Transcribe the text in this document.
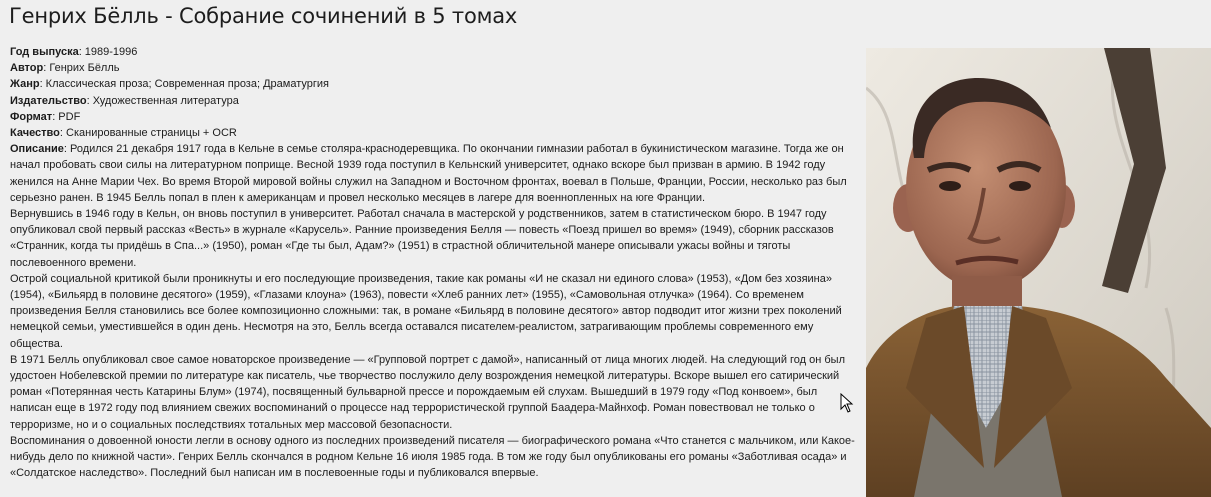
Генрих Бёлль - Собрание сочинений в 5 томах
Год выпуска: 1989-1996
Автор: Генрих Бёлль
Жанр: Классическая проза; Современная проза; Драматургия
Издательство: Художественная литература
Формат: PDF
Качество: Сканированные страницы + OCR

Описание: Родился 21 декабря 1917 года в Кельне в семье столяра-краснодеревщика. По окончании гимназии работал в букинистическом магазине. Тогда же он начал пробовать свои силы на литературном поприще. Весной 1939 года поступил в Кельнский университет, однако вскоре был призван в армию. В 1942 году женился на Анне Марии Чех. Во время Второй мировой войны служил на Западном и Восточном фронтах, воевал в Польше, Франции, России, несколько раз был серьезно ранен. В 1945 Белль попал в плен к американцам и провел несколько месяцев в лагере для военнопленных на юге Франции.

Вернувшись в 1946 году в Кельн, он вновь поступил в университет. Работал сначала в мастерской у родственников, затем в статистическом бюро. В 1947 году опубликовал свой первый рассказ «Весть» в журнале «Карусель». Ранние произведения Белля — повесть «Поезд пришел во время» (1949), сборник рассказов «Странник, когда ты придёшь в Спа...» (1950), роман «Где ты был, Адам?» (1951) в страстной обличительной манере описывали ужасы войны и тяготы послевоенного времени.

Острой социальной критикой были проникнуты и его последующие произведения, такие как романы «И не сказал ни единого слова» (1953), «Дом без хозяина» (1954), «Бильярд в половине десятого» (1959), «Глазами клоуна» (1963), повести «Хлеб ранних лет» (1955), «Самовольная отлучка» (1964). Со временем произведения Белля становились все более композиционно сложными: так, в романе «Бильярд в половине десятого» автор подводит итог жизни трех поколений немецкой семьи, уместившейся в один день. Несмотря на это, Белль всегда оставался писателем-реалистом, затрагивающим проблемы современного ему общества.

В 1971 Белль опубликовал свое самое новаторское произведение — «Групповой портрет с дамой», написанный от лица многих людей. На следующий год он был удостоен Нобелевской премии по литературе как писатель, чье творчество послужило делу возрождения немецкой литературы. Вскоре вышел его сатирический роман «Потерянная честь Катарины Блум» (1974), посвященный бульварной прессе и порождаемым ей слухам. Вышедший в 1979 году «Под конвоем», был написан еще в 1972 году под влиянием свежих воспоминаний о процессе над террористической группой Баадера-Майнхоф. Роман повествовал не только о терроризме, но и о социальных последствиях тотальных мер массовой безопасности.

Воспоминания о довоенной юности легли в основу одного из последних произведений писателя — биографического романа «Что станется с мальчиком, или Какое-нибудь дело по книжной части». Генрих Белль скончался в родном Кельне 16 июля 1985 года. В том же году был опубликованы его романы «Заботливая осада» и «Солдатское наследство». Последний был написан им в послевоенные годы и публиковался впервые.
